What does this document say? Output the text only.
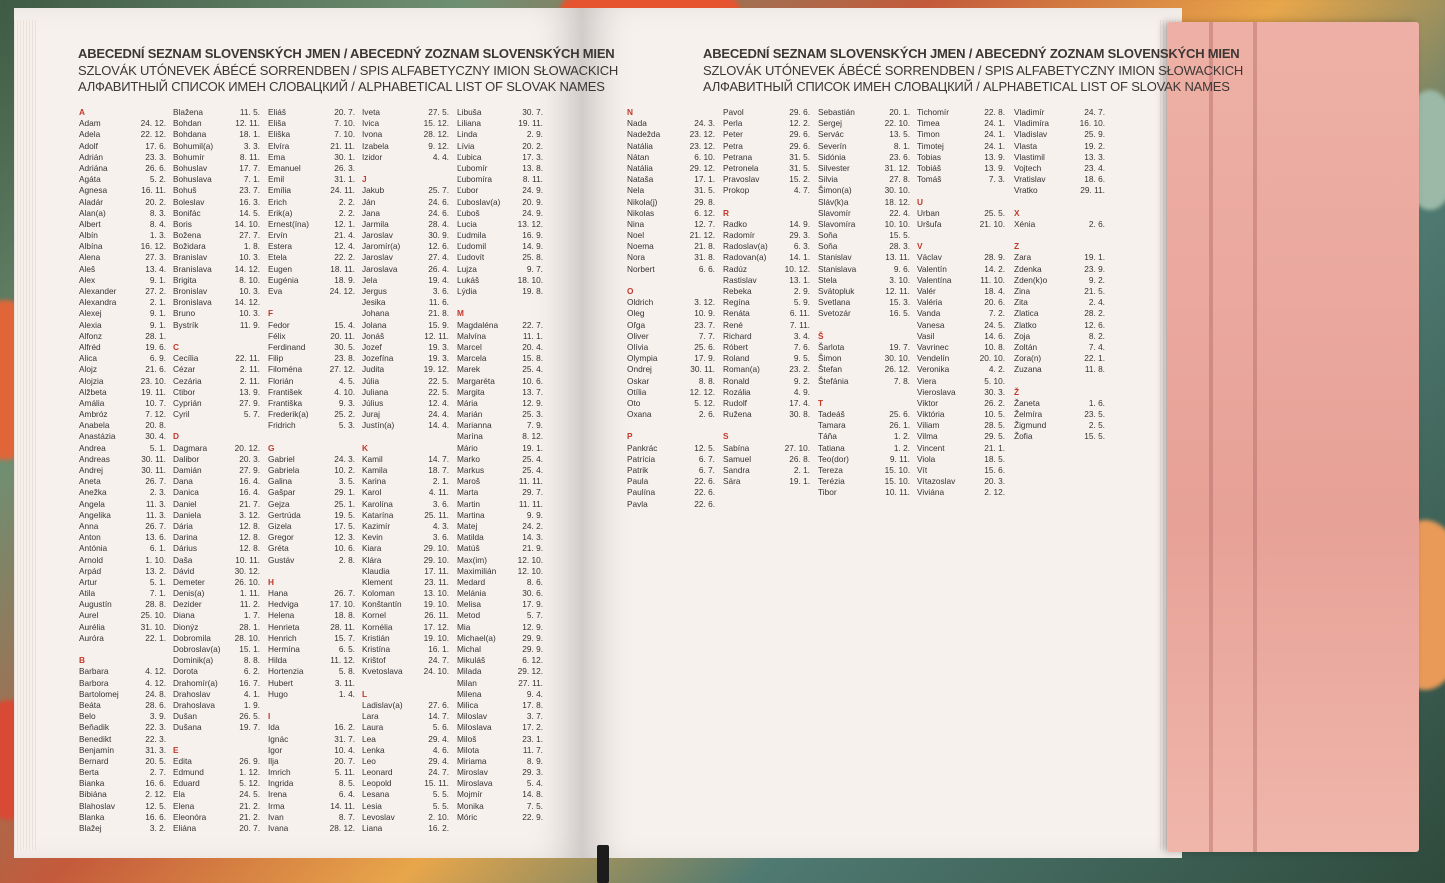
ABECEDNÍ SEZNAM SLOVENSKÝCH JMEN / ABECEDNÝ ZOZNAM SLOVENSKÝCH MIEN
SZLOVÁK UTÓNEVEK ÁBÉCÉ SORRENDBEN / SPIS ALFABETYCZNY IMION SŁOWACKICH
АЛФАВИТНЫЙ СПИСОК ИМЕН СЛОВАЦКИЙ / ALPHABETICAL LIST OF SLOVAK NAMES
ABECEDNÍ SEZNAM SLOVENSKÝCH JMEN / ABECEDNÝ ZOZNAM SLOVENSKÝCH MIEN
SZLOVÁK UTÓNEVEK ÁBÉCÉ SORRENDBEN / SPIS ALFABETYCZNY IMION SŁOWACKICH
АЛФАВИТНЫЙ СПИСОК ИМЕН СЛОВАЦКИЙ / ALPHABETICAL LIST OF SLOVAK NAMES
A
Adam	24. 12.
Adela	22. 12.
Adolf	17. 6.
Adrián	23. 3.
Adriána	26. 6.
Agáta	5. 2.
Agnesa	16. 11.
Aladár	20. 2.
Alan(a)	8. 3.
Albert	8. 4.
Albín	1. 3.
Albína	16. 12.
Alena	27. 3.
Aleš	13. 4.
Alex	9. 1.
Alexander	27. 2.
Alexandra	2. 1.
Alexej	9. 1.
Alexia	9. 1.
Alfonz	28. 1.
Alfréd	19. 6.
Alica	6. 9.
Alojz	21. 6.
Alojzia	23. 10.
Alžbeta	19. 11.
Amália	10. 7.
Ambróz	7. 12.
Anabela	20. 8.
Anastázia	30. 4.
Andrea	5. 1.
Andreas	30. 11.
Andrej	30. 11.
Aneta	26. 7.
Anežka	2. 3.
Angela	11. 3.
Angelika	11. 3.
Anna	26. 7.
Anton	13. 6.
Antónia	6. 1.
Arnold	1. 10.
Arpád	13. 2.
Artur	5. 1.
Atila	7. 1.
Augustín	28. 8.
Aurel	25. 10.
Aurélia	31. 10.
Auróra	22. 1.
B
Barbara	4. 12.
Barbora	4. 12.
Bartolomej	24. 8.
Beáta	28. 6.
Belo	3. 9.
Beňadik	22. 3.
Benedikt	22. 3.
Benjamín	31. 3.
Bernard	20. 5.
Berta	2. 7.
Bianka	16. 6.
Bibiána	2. 12.
Blahoslav	12. 5.
Blanka	16. 6.
Blažej	3. 2.
Blažena	11. 5.
Bohdan	12. 11.
Bohdana	18. 1.
Bohumil(a)	3. 3.
Bohumír	8. 11.
Bohuslav	17. 7.
Bohuslava	7. 1.
Bohuš	23. 7.
Boleslav	16. 3.
Bonifác	14. 5.
Boris	14. 10.
Božena	27. 7.
Božidara	1. 8.
Branislav	10. 3.
Branislava	14. 12.
Brigita	8. 10.
Bronislav	10. 3.
Bronislava	14. 12.
Bruno	10. 3.
Bystrík	11. 9.
C
Cecília	22. 11.
Cézar	2. 11.
Cezária	2. 11.
Ctibor	13. 9.
Cyprián	27. 9.
Cyril	5. 7.
D
Dagmara	20. 12.
Dalibor	20. 3.
Damián	27. 9.
Dana	16. 4.
Danica	16. 4.
Daniel	21. 7.
Daniela	3. 12.
Dária	12. 8.
Darina	12. 8.
Dárius	12. 8.
Daša	10. 11.
Dávid	30. 12.
Demeter	26. 10.
Denis(a)	1. 11.
Dezider	11. 2.
Diana	1. 7.
Dionýz	28. 1.
Dobromila	28. 10.
Dobroslav(a) 15. 1.
Dominik(a)	8. 8.
Dorota	6. 2.
Drahomír(a)	16. 7.
Drahoslav	4. 1.
Drahoslava	1. 9.
Dušan	26. 5.
Dušana	19. 7.
E
Edita	26. 9.
Edmund	1. 12.
Eduard	5. 12.
Ela	24. 5.
Elena	21. 2.
Eleonóra	21. 2.
Eliána	20. 7.
Eliáš	20. 7.
Eliša	7. 10.
Eliška	7. 10.
Elvíra	21. 11.
Ema	30. 1.
Emanuel	26. 3.
Emil	31. 1.
Emília	24. 11.
Erich	2. 2.
Erik(a)	2. 2.
Ernest(ína)	12. 1.
Ervín	21. 4.
Estera	12. 4.
Etela	22. 2.
Eugen	18. 11.
Eugénia	18. 9.
Eva	24. 12.
F
Fedor	15. 4.
Félix	20. 11.
Ferdinand	30. 5.
Filip	23. 8.
Filoména	27. 12.
Florián	4. 5.
František	4. 10.
Františka	9. 3.
Frederik(a)	25. 2.
Fridrich	5. 3.
G
Gabriel	24. 3.
Gabriela	10. 2.
Galina	3. 5.
Gašpar	29. 1.
Gejza	25. 1.
Gertrúda	19. 5.
Gizela	17. 5.
Gregor	12. 3.
Gréta	10. 6.
Gustáv	2. 8.
H
Hana	26. 7.
Hedviga	17. 10.
Helena	18. 8.
Henrieta	28. 11.
Henrich	15. 7.
Hermína	6. 5.
Hilda	11. 12.
Hortenzia	5. 8.
Hubert	3. 11.
Hugo	1. 4.
I
Ida	16. 2.
Ignác	31. 7.
Igor	10. 4.
Ilja	20. 7.
Imrich	5. 11.
Ingrida	8. 5.
Irena	6. 4.
Irma	14. 11.
Ivan	8. 7.
Ivana	28. 12.
Iveta	27. 5.
Ivica	15. 12.
Ivona	28. 12.
Izabela	9. 12.
Izidor	4. 4.
J
Jakub	25. 7.
Ján	24. 6.
Jana	24. 6.
Jarmila	28. 4.
Jaroslav	30. 9.
Jaromír(a)	12. 6.
Jaroslav	27. 4.
Jaroslava	26. 4.
Jela	19. 4.
Jergus	3. 6.
Jesika	11. 6.
Johana	21. 8.
Jolana	15. 9.
Jonáš	12. 11.
Jozef	19. 3.
Jozefína	19. 3.
Judita	19. 12.
Júlia	22. 5.
Juliana	22. 5.
Július	12. 4.
Juraj	24. 4.
Justín(a)	14. 4.
K
Kamil	14. 7.
Kamila	18. 7.
Karina	2. 1.
Karol	4. 11.
Karolína	3. 6.
Katarína	25. 11.
Kazimír	4. 3.
Kevin	3. 6.
Kiara	29. 10.
Klára	29. 10.
Klaudia	17. 11.
Klement	23. 11.
Koloman	13. 10.
Konštantín	19. 10.
Kornel	26. 11.
Kornélia	17. 12.
Kristián	19. 10.
Kristína	16. 1.
Krištof	24. 7.
Kvetoslava	24. 10.
L
Ladislav(a)	27. 6.
Lara	14. 7.
Laura	5. 6.
Lea	29. 4.
Lenka	4. 6.
Leo	29. 4.
Leonard	24. 7.
Leopold	15. 11.
Lesana	5. 5.
Lesia	5. 5.
Levoslav	2. 10.
Liana	16. 2.
Libuša	30. 7.
Liliana	19. 11.
Linda	2. 9.
Lívia	20. 2.
Ľubica	17. 3.
Ľubomír	13. 8.
Ľubomíra	8. 11.
Ľubor	24. 9.
Ľuboslav(a)	20. 9.
Ľuboš	24. 9.
Lucia	13. 12.
Ľudmila	16. 9.
Ľudomil	14. 9.
Ľudovít	25. 8.
Lujza	9. 7.
Lukáš	18. 10.
Lýdia	19. 8.
M
Magdaléna	22. 7.
Malvína	11. 1.
Marcel	20. 4.
Marcela	15. 8.
Marek	25. 4.
Margaréta	10. 6.
Margita	13. 7.
Mária	12. 9.
Marián	25. 3.
Marianna	7. 9.
Marína	8. 12.
Mário	19. 1.
Marko	25. 4.
Markus	25. 4.
Maroš	11. 11.
Marta	29. 7.
Martin	11. 11.
Martina	9. 9.
Matej	24. 2.
Matilda	14. 3.
Matúš	21. 9.
Max(im)	12. 10.
Maximilián	12. 10.
Medard	8. 6.
Melánia	30. 6.
Melisa	17. 9.
Metod	5. 7.
Mia	12. 9.
Michael(a)	29. 9.
Michal	29. 9.
Mikuláš	6. 12.
Milada	29. 12.
Milan	27. 11.
Milena	9. 4.
Milica	17. 8.
Miloslav	3. 7.
Miloslava	17. 2.
Miloš	23. 1.
Milota	11. 7.
Miriama	8. 9.
Miroslav	29. 3.
Miroslava	5. 4.
Mojmír	14. 8.
Monika	7. 5.
Móric	22. 9.
N
Nada	24. 3.
Nadežda	23. 12.
Natália	23. 12.
Nátan	6. 10.
Natália	29. 12.
Nataša	17. 1.
Nela	31. 5.
Nikola(j)	29. 8.
Nikolas	6. 12.
Nina	12. 7.
Noel	21. 12.
Noema	21. 8.
Nora	31. 8.
Norbert	6. 6.
O
Oldrich	3. 12.
Oleg	10. 9.
Oľga	23. 7.
Oliver	7. 7.
Olívia	25. 6.
Olympia	17. 9.
Ondrej	30. 11.
Oskar	8. 8.
Otília	12. 12.
Oto	5. 12.
Oxana	2. 6.
P
Pankrác	12. 5.
Patrícia	6. 7.
Patrik	6. 7.
Paula	22. 6.
Paulína	22. 6.
Pavla	22. 6.
Pavol	29. 6.
Perla	12. 2.
Peter	29. 6.
Petra	29. 6.
Petrana	31. 5.
Petronela	31. 5.
Pravoslav	15. 2.
Prokop	4. 7.
R
Radko	14. 9.
Radomír	29. 3.
Radoslav(a)	6. 3.
Radovan(a)	14. 1.
Radúz	10. 12.
Rastislav	13. 1.
Rebeka	2. 9.
Regína	5. 9.
Renáta	6. 11.
René	7. 11.
Richard	3. 4.
Róbert	7. 6.
Roland	9. 5.
Roman(a)	23. 2.
Ronald	9. 2.
Rozália	4. 9.
Rudolf	17. 4.
Ružena	30. 8.
S
Sabína	27. 10.
Samuel	26. 8.
Sandra	2. 1.
Sára	19. 1.
Sebastián	20. 1.
Sergej	22. 10.
Servác	13. 5.
Severín	8. 1.
Sidónia	23. 6.
Silvester	31. 12.
Silvia	27. 8.
Šimon(a)	30. 10.
Sláv(k)a	18. 12.
Slavomír	22. 4.
Slavomíra	10. 10.
Soňa	15. 5.
Soňa	28. 3.
Stanislav	13. 11.
Stanislava	9. 6.
Stela	3. 10.
Svätopluk	12. 11.
Svetlana	15. 3.
Svetozár	16. 5.
Š
Šarlota	19. 7.
Šimon	30. 10.
Štefan	26. 12.
Štefánia	7. 8.
T
Tadeáš	25. 6.
Tamara	26. 1.
Táňa	1. 2.
Tatiana	1. 2.
Teo(dor)	9. 11.
Tereza	15. 10.
Terézia	15. 10.
Tibor	10. 11.
Tichomír	22. 8.
Timea	24. 1.
Timon	24. 1.
Timotej	24. 1.
Tobias	13. 9.
Tobiáš	13. 9.
Tomáš	7. 3.
U
Urban	25. 5.
Uršuľa	21. 10.
V
Václav	28. 9.
Valentín	14. 2.
Valentína	11. 10.
Valér	18. 4.
Valéria	20. 6.
Vanda	7. 2.
Vanesa	24. 5.
Vasil	14. 6.
Vavrinec	10. 8.
Vendelín	20. 10.
Veronika	4. 2.
Viera	5. 10.
Vieroslava	30. 3.
Viktor	26. 2.
Viktória	10. 5.
Viliam	28. 5.
Vilma	29. 5.
Vincent	21. 1.
Viola	18. 5.
Vít	15. 6.
Vítazoslav	20. 3.
Viviána	2. 12.
Vladimír	24. 7.
Vladimíra	16. 10.
Vladislav	25. 9.
Vlasta	19. 2.
Vlastimil	13. 3.
Vojtech	23. 4.
Vratislav	18. 6.
Vratko	29. 11.
X
Xénia	2. 6.
Z
Zara	19. 1.
Zdenka	23. 9.
Zden(k)o	9. 2.
Zina	21. 5.
Zita	2. 4.
Zlatica	28. 2.
Zlatko	12. 6.
Zoja	8. 2.
Zoltán	7. 4.
Zora(n)	22. 1.
Zuzana	11. 8.
Ž
Žaneta	1. 6.
Želmíra	23. 5.
Žigmund	2. 5.
Žofia	15. 5.
